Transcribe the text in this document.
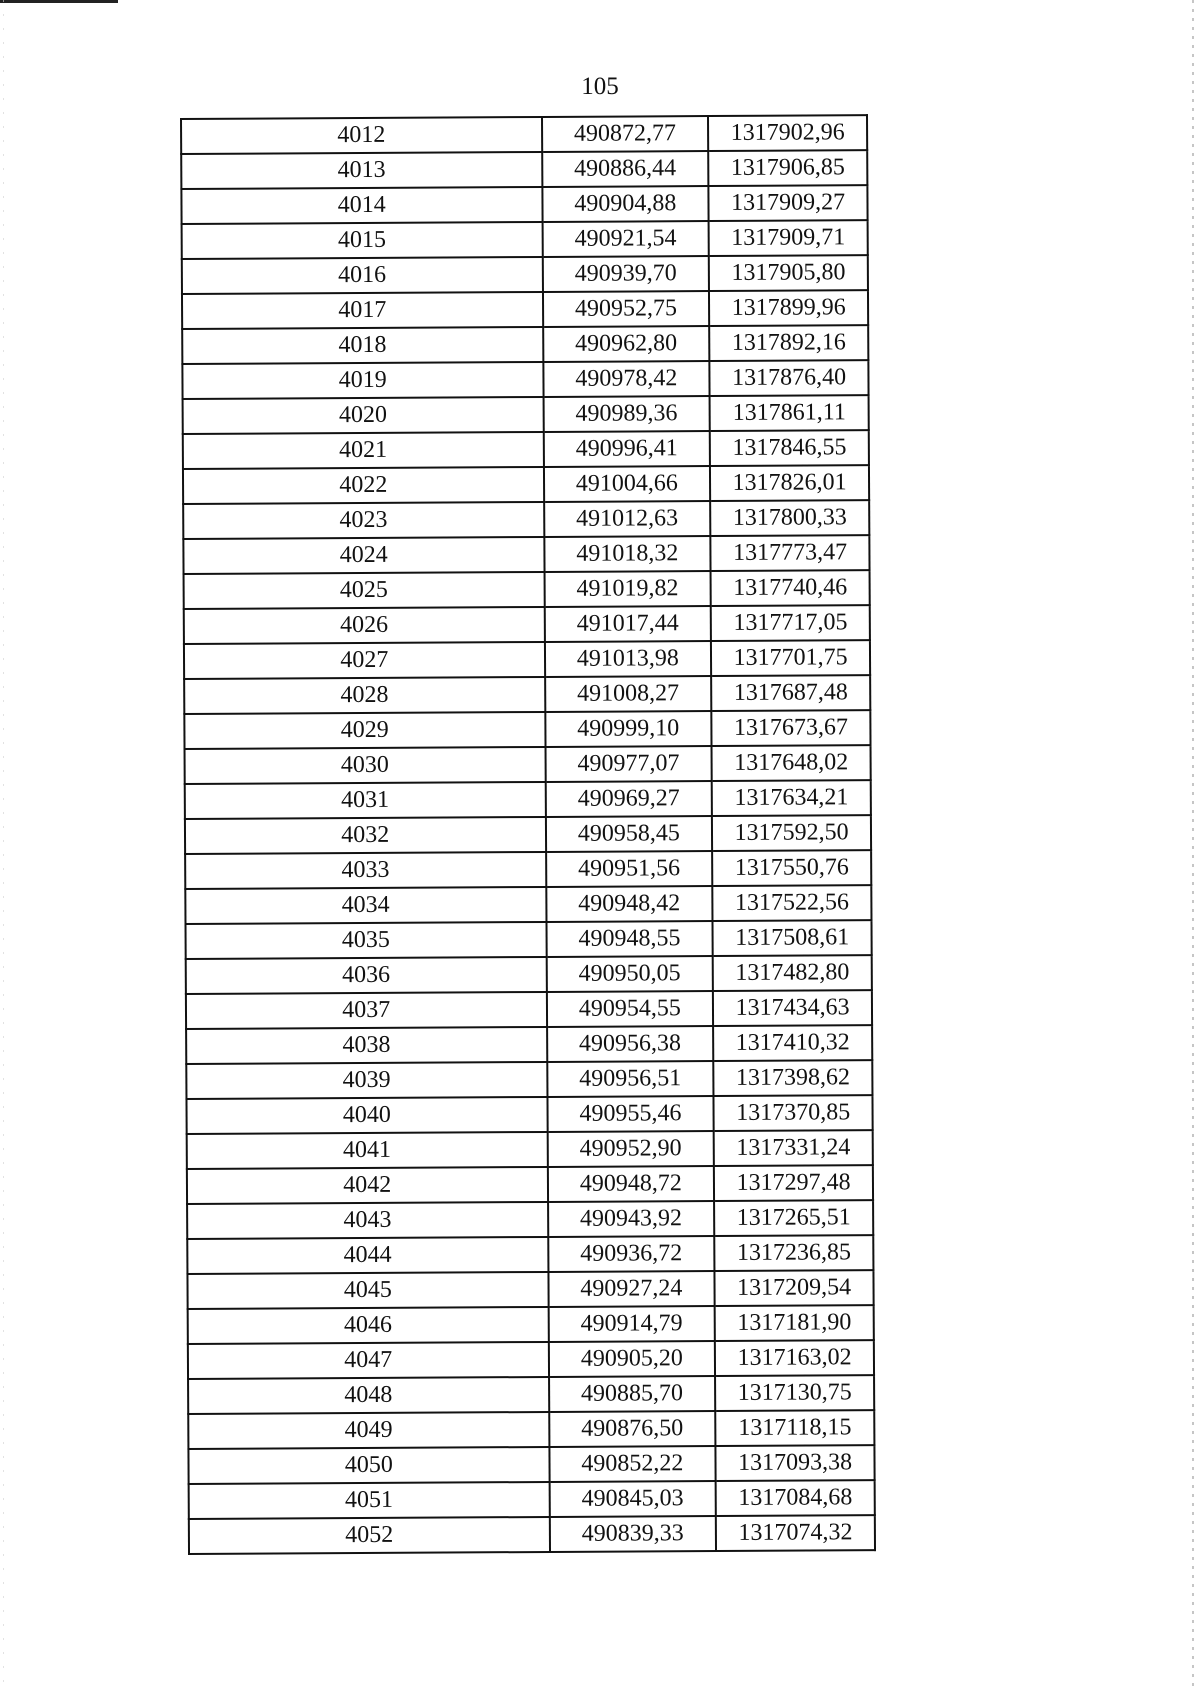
105
4012	490872,77	1317902,96
4013	490886,44	1317906,85
4014	490904,88	1317909,27
4015	490921,54	1317909,71
4016	490939,70	1317905,80
4017	490952,75	1317899,96
4018	490962,80	1317892,16
4019	490978,42	1317876,40
4020	490989,36	1317861,11
4021	490996,41	1317846,55
4022	491004,66	1317826,01
4023	491012,63	1317800,33
4024	491018,32	1317773,47
4025	491019,82	1317740,46
4026	491017,44	1317717,05
4027	491013,98	1317701,75
4028	491008,27	1317687,48
4029	490999,10	1317673,67
4030	490977,07	1317648,02
4031	490969,27	1317634,21
4032	490958,45	1317592,50
4033	490951,56	1317550,76
4034	490948,42	1317522,56
4035	490948,55	1317508,61
4036	490950,05	1317482,80
4037	490954,55	1317434,63
4038	490956,38	1317410,32
4039	490956,51	1317398,62
4040	490955,46	1317370,85
4041	490952,90	1317331,24
4042	490948,72	1317297,48
4043	490943,92	1317265,51
4044	490936,72	1317236,85
4045	490927,24	1317209,54
4046	490914,79	1317181,90
4047	490905,20	1317163,02
4048	490885,70	1317130,75
4049	490876,50	1317118,15
4050	490852,22	1317093,38
4051	490845,03	1317084,68
4052	490839,33	1317074,32
